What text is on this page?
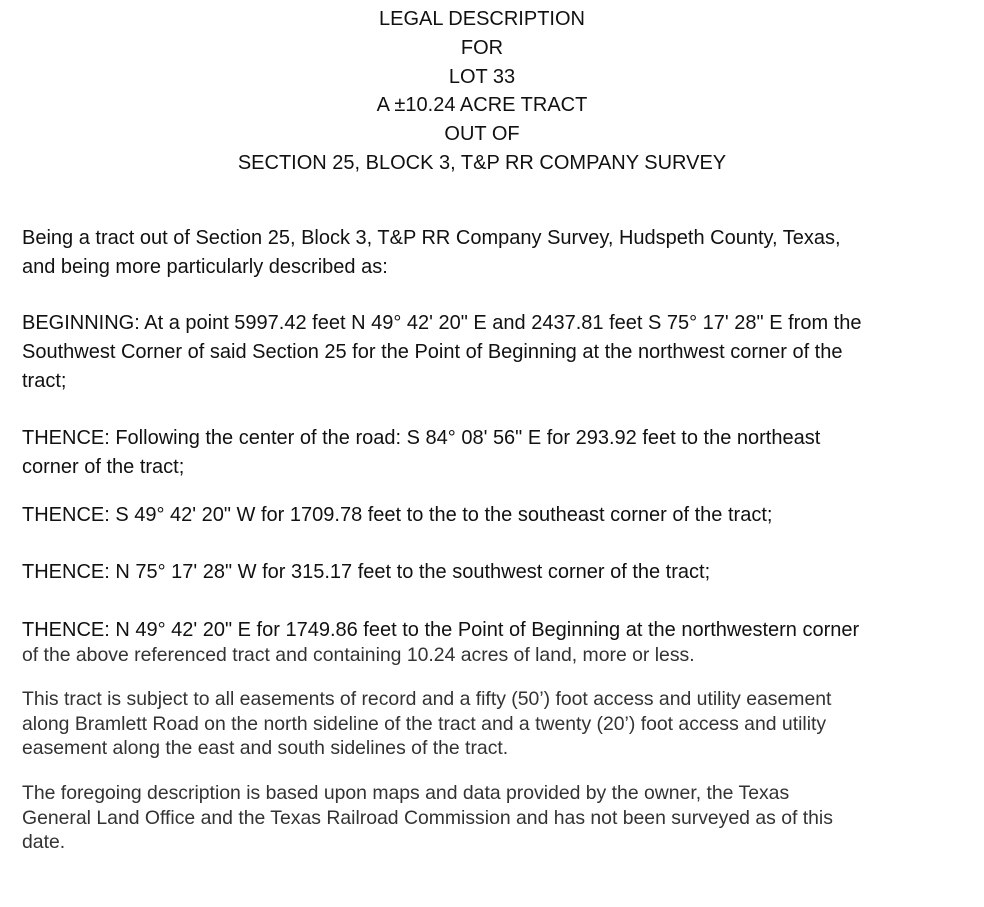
LEGAL DESCRIPTION
FOR
LOT 33
A ±10.24 ACRE TRACT
OUT OF
SECTION 25, BLOCK 3, T&P RR COMPANY SURVEY
Being a tract out of Section 25, Block 3, T&P RR Company Survey, Hudspeth County, Texas,
and being more particularly described as:
BEGINNING: At a point 5997.42 feet N 49° 42' 20" E and 2437.81 feet S 75° 17' 28" E from the
Southwest Corner of said Section 25 for the Point of Beginning at the northwest corner of the
tract;
THENCE: Following the center of the road: S 84° 08' 56" E for 293.92 feet to the northeast
corner of the tract;
THENCE: S 49° 42' 20" W for 1709.78 feet to the to the southeast corner of the tract;
THENCE: N 75° 17' 28" W for 315.17 feet to the southwest corner of the tract;
THENCE: N 49° 42' 20" E for 1749.86 feet to the Point of Beginning at the northwestern corner
of the above referenced tract and containing 10.24 acres of land, more or less.
This tract is subject to all easements of record and a fifty (50’) foot access and utility easement
along Bramlett Road on the north sideline of the tract and a twenty (20’) foot access and utility
easement along the east and south sidelines of the tract.
The foregoing description is based upon maps and data provided by the owner, the Texas
General Land Office and the Texas Railroad Commission and has not been surveyed as of this
date.
